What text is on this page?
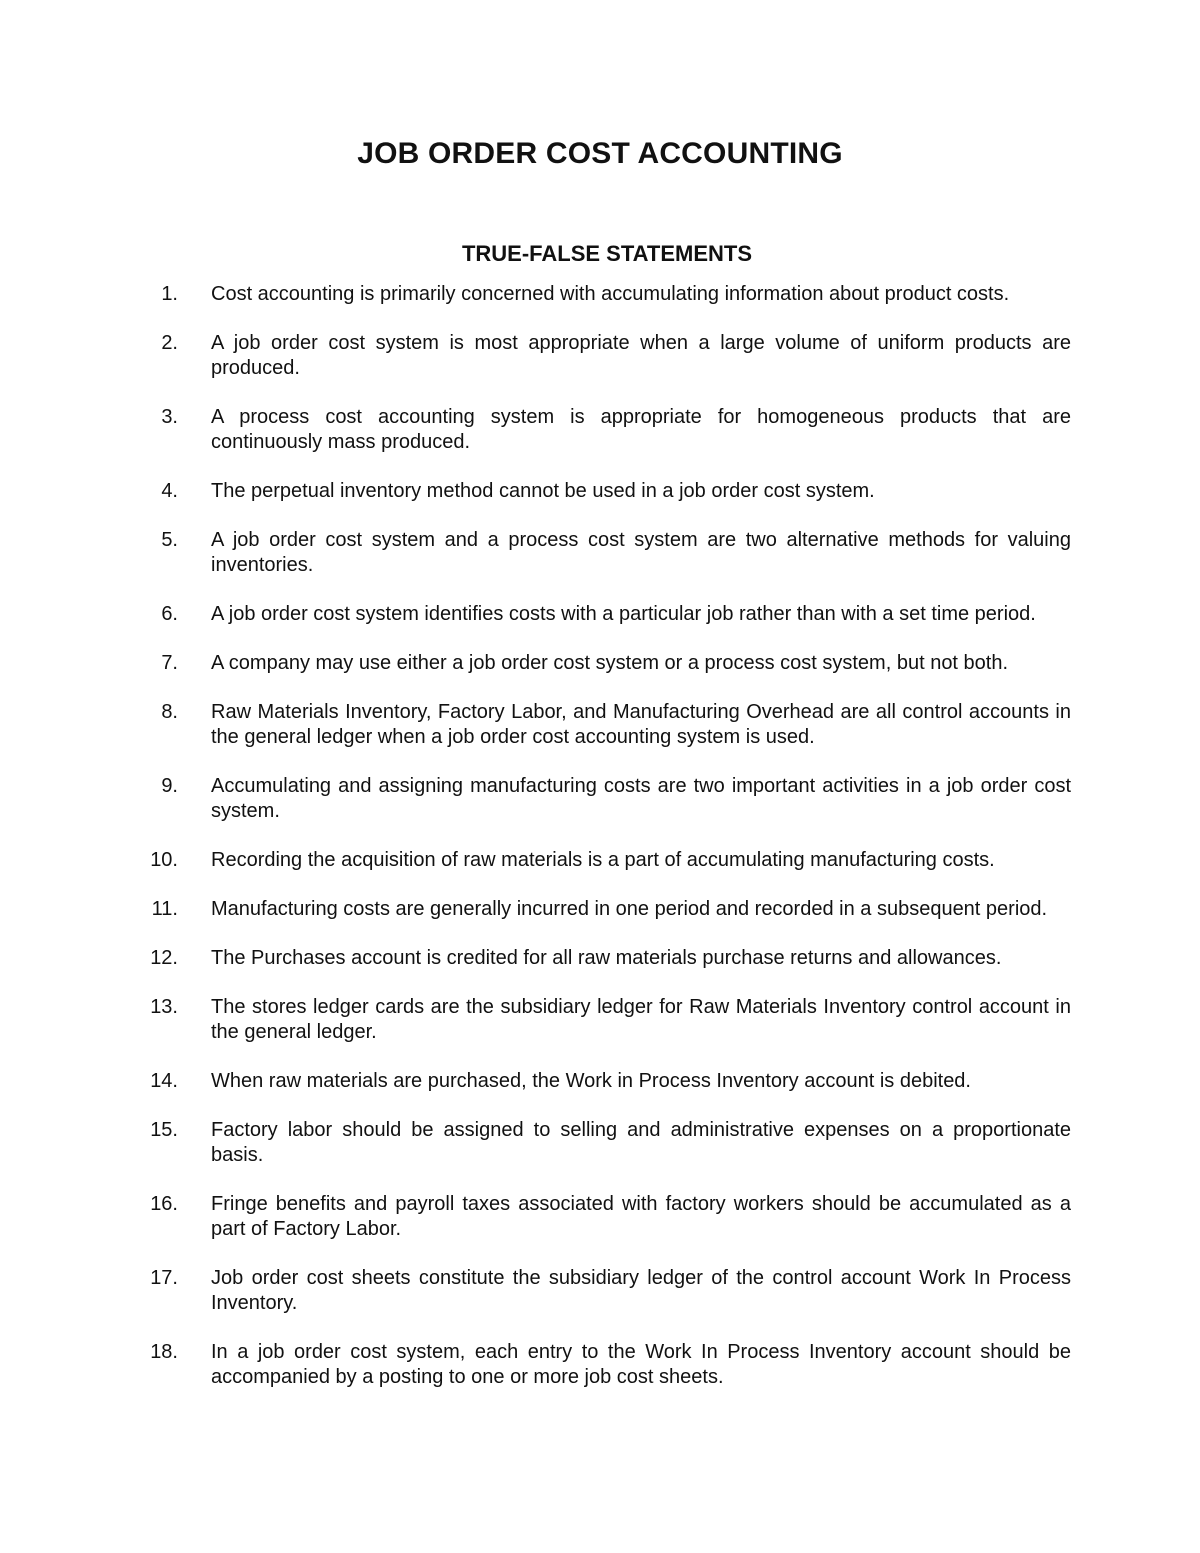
JOB ORDER COST ACCOUNTING
TRUE-FALSE STATEMENTS
1. Cost accounting is primarily concerned with accumulating information about product costs.
2. A job order cost system is most appropriate when a large volume of uniform products are produced.
3. A process cost accounting system is appropriate for homogeneous products that are continuously mass produced.
4. The perpetual inventory method cannot be used in a job order cost system.
5. A job order cost system and a process cost system are two alternative methods for valuing inventories.
6. A job order cost system identifies costs with a particular job rather than with a set time period.
7. A company may use either a job order cost system or a process cost system, but not both.
8. Raw Materials Inventory, Factory Labor, and Manufacturing Overhead are all control accounts in the general ledger when a job order cost accounting system is used.
9. Accumulating and assigning manufacturing costs are two important activities in a job order cost system.
10. Recording the acquisition of raw materials is a part of accumulating manufacturing costs.
11. Manufacturing costs are generally incurred in one period and recorded in a subsequent period.
12. The Purchases account is credited for all raw materials purchase returns and allowances.
13. The stores ledger cards are the subsidiary ledger for Raw Materials Inventory control account in the general ledger.
14. When raw materials are purchased, the Work in Process Inventory account is debited.
15. Factory labor should be assigned to selling and administrative expenses on a proportionate basis.
16. Fringe benefits and payroll taxes associated with factory workers should be accumulated as a part of Factory Labor.
17. Job order cost sheets constitute the subsidiary ledger of the control account Work In Process Inventory.
18. In a job order cost system, each entry to the Work In Process Inventory account should be accompanied by a posting to one or more job cost sheets.
